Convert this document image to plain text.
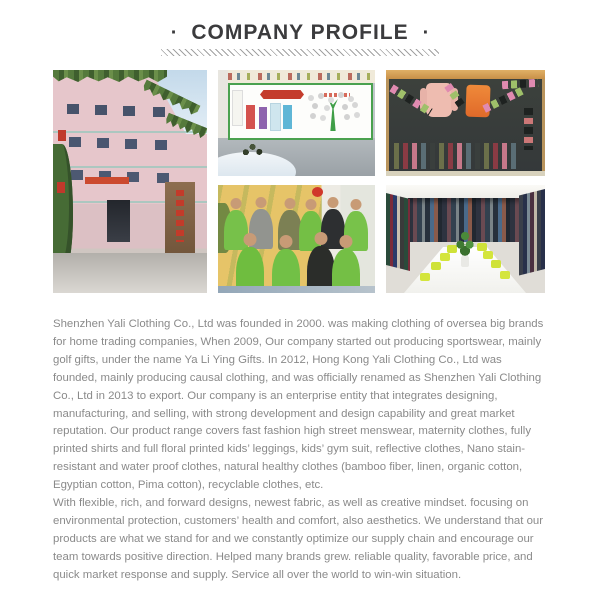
· COMPANY PROFILE ·

Shenzhen Yali Clothing Co., Ltd was founded in 2000. was making clothing of oversea big brands for home trading companies, When 2009, Our company started out producing sportswear, mainly golf gifts, under the name Ya Li Ying Gifts. In 2012, Hong Kong Yali Clothing Co., Ltd was founded, mainly producing causal clothing, and was officially renamed as Shenzhen Yali Clothing Co., Ltd in 2013 to export. Our company is an enterprise entity that integrates designing, manufacturing, and selling, with strong development and design capability and great market reputation. Our product range covers fast fashion high street menswear, maternity clothes, fully printed shirts and full floral printed kids’ leggings, kids’ gym suit, reflective clothes, Nano stain-resistant and water proof clothes, natural healthy clothes (bamboo fiber, linen, organic cotton, Egyptian cotton, Pima cotton), recyclable clothes, etc.

With flexible, rich, and forward designs, newest fabric, as well as creative mindset. focusing on environmental protection, customers’ health and comfort, also aesthetics. We understand that our products are what we stand for and we constantly optimize our supply chain and encourage our team towards positive direction. Helped many brands grew. reliable quality, favorable price, and quick market response and supply. Service all over the world to win-win situation.
